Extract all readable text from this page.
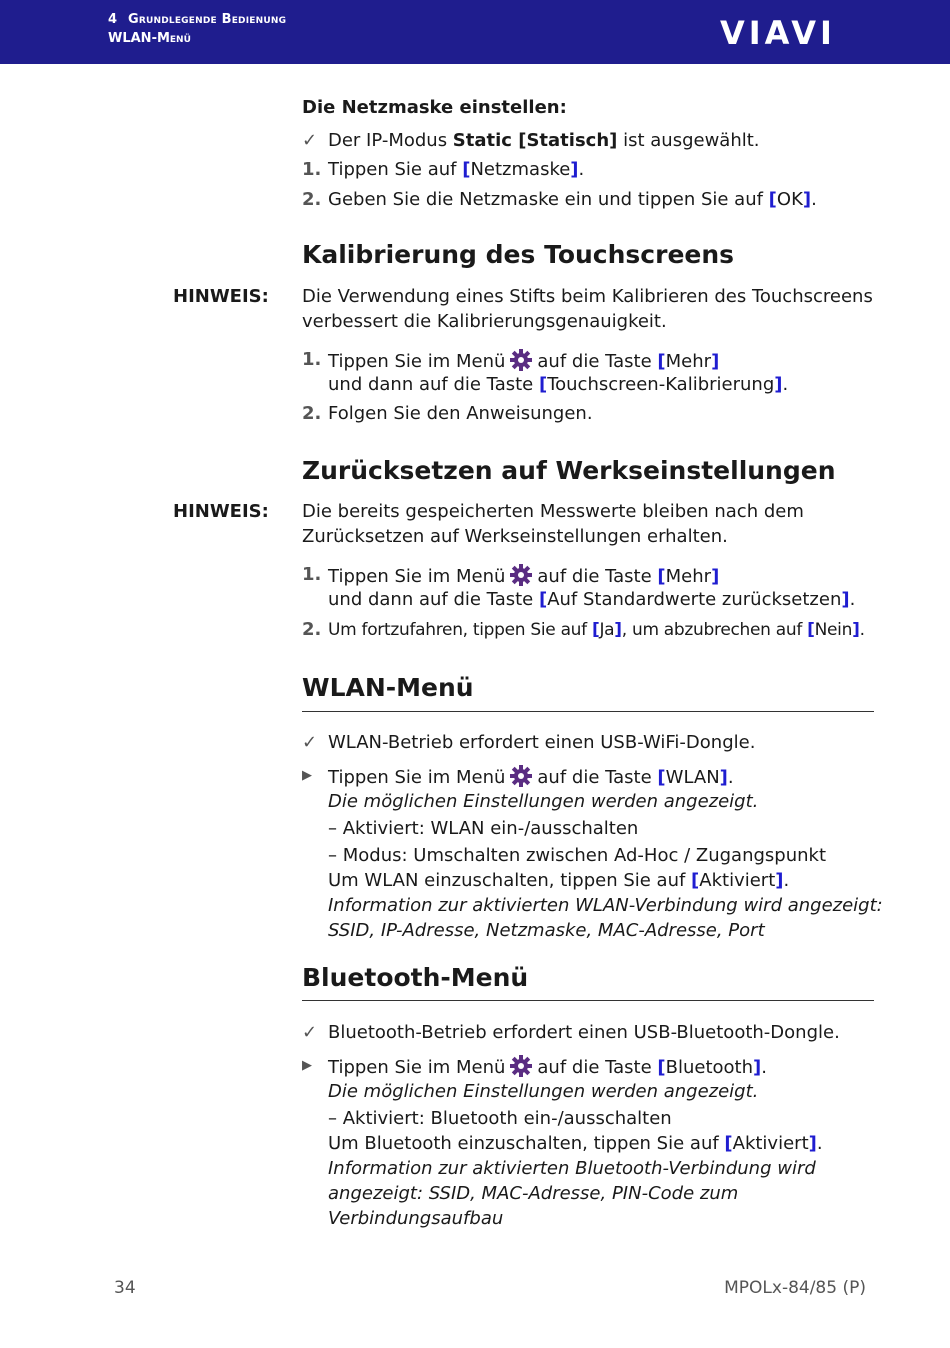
4 Grundlegende Bedienung
WLAN-Menü	VIAVI
Die Netzmaske einstellen:
✓ Der IP-Modus Static [Statisch] ist ausgewählt.
1. Tippen Sie auf [Netzmaske].
2. Geben Sie die Netzmaske ein und tippen Sie auf [OK].
Kalibrierung des Touchscreens
Die Verwendung eines Stifts beim Kalibrieren des Touchscreens
verbessert die Kalibrierungsgenauigkeit.
1. Tippen Sie im Menü auf die Taste [Mehr]
und dann auf die Taste [Touchscreen-Kalibrierung].
2. Folgen Sie den Anweisungen.
Zurücksetzen auf Werkseinstellungen
Die bereits gespeicherten Messwerte bleiben nach dem
Zurücksetzen auf Werkseinstellungen erhalten.
1. Tippen Sie im Menü auf die Taste [Mehr]
und dann auf die Taste [Auf Standardwerte zurücksetzen].
2. Um fortzufahren, tippen Sie auf [Ja], um abzubrechen auf [Nein].
WLAN-Menü
✓ WLAN-Betrieb erfordert einen USB-WiFi-Dongle.
▶ Tippen Sie im Menü auf die Taste [WLAN].
Die möglichen Einstellungen werden angezeigt.
– Aktiviert: WLAN ein-/ausschalten
– Modus: Umschalten zwischen Ad-Hoc / Zugangspunkt
Um WLAN einzuschalten, tippen Sie auf [Aktiviert].
Information zur aktivierten WLAN-Verbindung wird angezeigt:
SSID, IP-Adresse, Netzmaske, MAC-Adresse, Port
Bluetooth-Menü
✓ Bluetooth-Betrieb erfordert einen USB-Bluetooth-Dongle.
▶ Tippen Sie im Menü auf die Taste [Bluetooth].
Die möglichen Einstellungen werden angezeigt.
– Aktiviert: Bluetooth ein-/ausschalten
Um Bluetooth einzuschalten, tippen Sie auf [Aktiviert].
Information zur aktivierten Bluetooth-Verbindung wird
angezeigt: SSID, MAC-Adresse, PIN-Code zum
Verbindungsaufbau
HINWEIS:
HINWEIS:
34	MPOLx-84/85 (P)
